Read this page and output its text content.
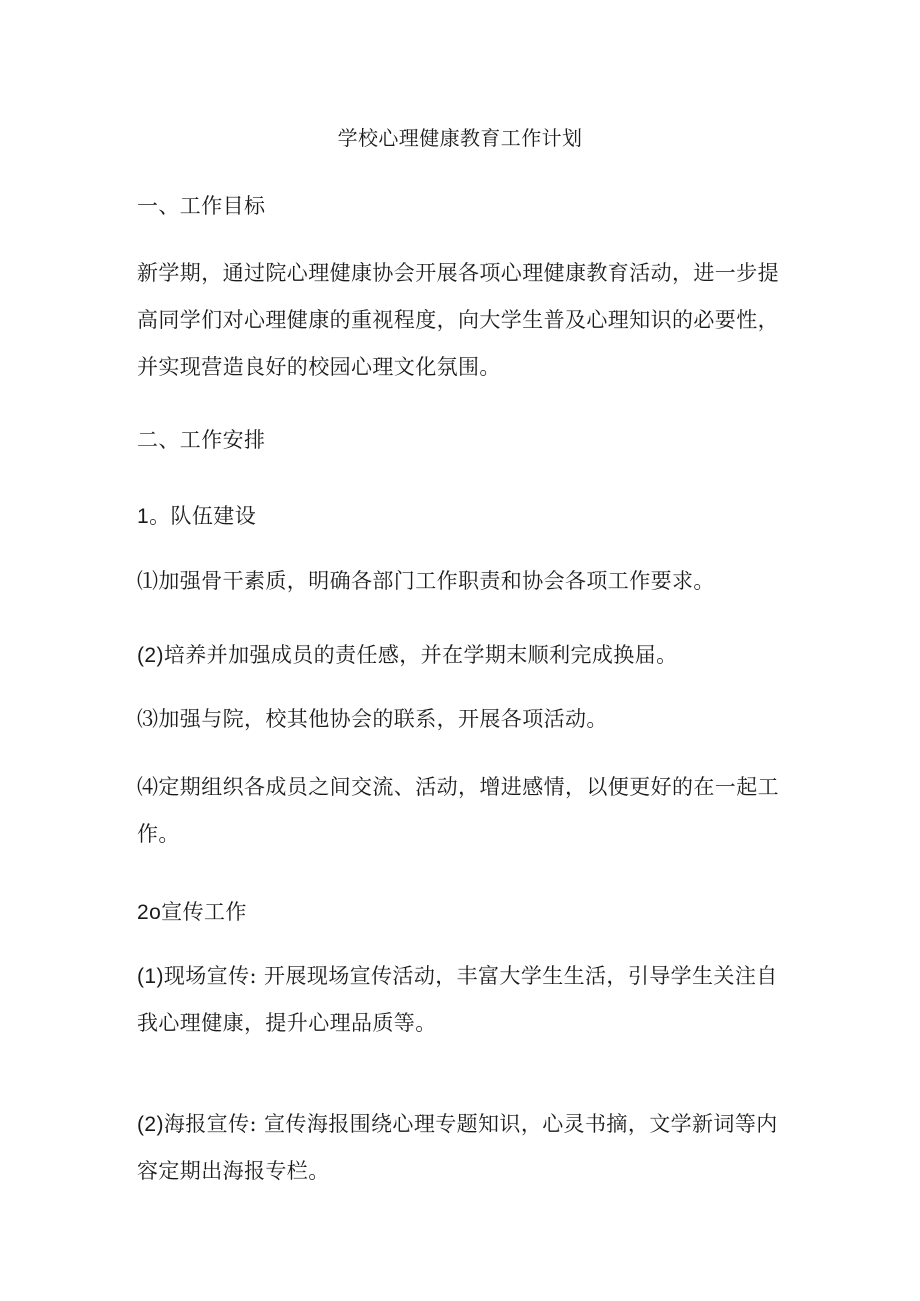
学校心理健康教育工作计划
一、工作目标

新学期，通过院心理健康协会开展各项心理健康教育活动，进一步提

高同学们对心理健康的重视程度，向大学生普及心理知识的必要性，

并实现营造良好的校园心理文化氛围。

二、工作安排
1。队伍建设
⑴加强骨干素质，明确各部门工作职责和协会各项工作要求。
(2)培养并加强成员的责任感，并在学期末顺利完成换届。
⑶加强与院，校其他协会的联系，开展各项活动。

⑷定期组织各成员之间交流、活动，增进感情，以便更好的在一起工

作。

2o宣传工作

(1)现场宣传: 开展现场宣传活动，丰富大学生生活，引导学生关注自

我心理健康，提升心理品质等。

(2)海报宣传: 宣传海报围绕心理专题知识，心灵书摘，文学新词等内

容定期出海报专栏。
